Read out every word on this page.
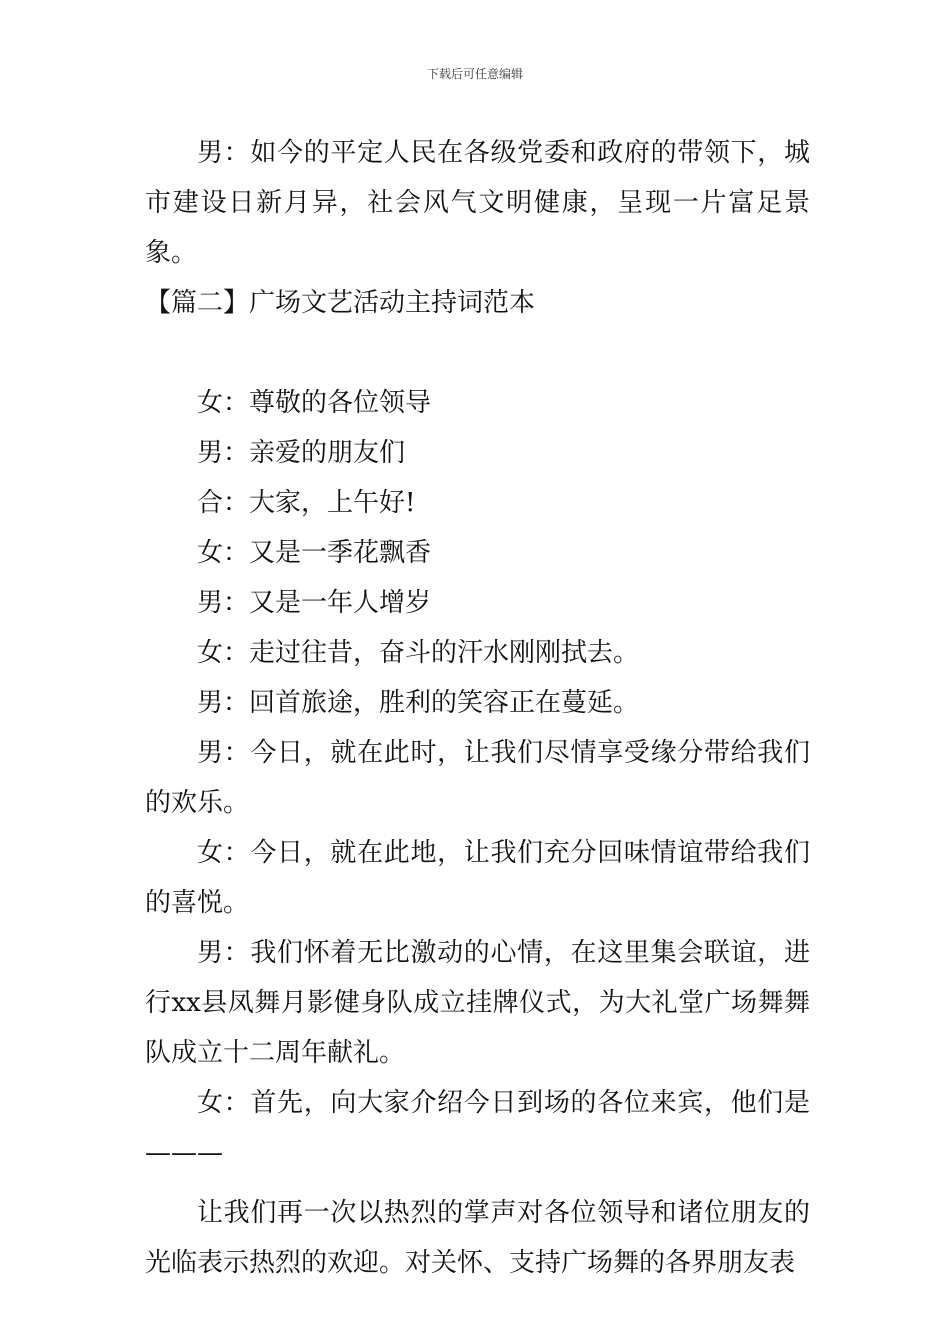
下载后可任意编辑

男：如今的平定人民在各级党委和政府的带领下，城市建设日新月异，社会风气文明健康，呈现一片富足景象。

【篇二】广场文艺活动主持词范本

女：尊敬的各位领导

男：亲爱的朋友们

合：大家，上午好!

女：又是一季花飘香

男：又是一年人增岁

女：走过往昔，奋斗的汗水刚刚拭去。

男：回首旅途，胜利的笑容正在蔓延。

男：今日，就在此时，让我们尽情享受缘分带给我们的欢乐。

女：今日，就在此地，让我们充分回味情谊带给我们的喜悦。

男：我们怀着无比激动的心情，在这里集会联谊，进行xx县凤舞月影健身队成立挂牌仪式，为大礼堂广场舞舞队成立十二周年献礼。

女：首先，向大家介绍今日到场的各位来宾，他们是———

让我们再一次以热烈的掌声对各位领导和诸位朋友的光临表示热烈的欢迎。对关怀、支持广场舞的各界朋友表
